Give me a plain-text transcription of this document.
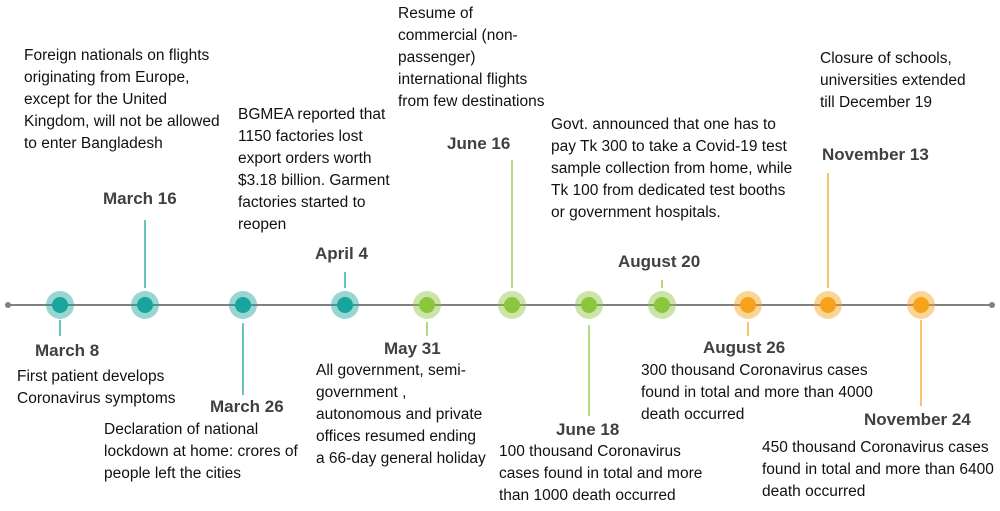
March 8
First patient develops Coronavirus symptoms
March 16
Foreign nationals on flights originating from Europe, except for the United Kingdom, will not be allowed to enter Bangladesh
March 26
Declaration of national lockdown at home: crores of people left the cities
April 4
BGMEA reported that 1150 factories lost export orders worth $3.18 billion. Garment factories started to reopen
May 31
All government, semi-government , autonomous and private offices resumed ending a 66-day general holiday
June 16
Resume of commercial (non-passenger) international flights from few destinations
June 18
100 thousand Coronavirus cases found in total and more than 1000 death occurred
August 20
Govt. announced that one has to pay Tk 300 to take a Covid-19 test sample collection from home, while Tk 100 from dedicated test booths or government hospitals.
August 26
300 thousand Coronavirus cases found in total and more than 4000 death occurred
November 13
Closure of schools, universities extended till December 19
November 24
450 thousand Coronavirus cases found in total and more than 6400 death occurred
